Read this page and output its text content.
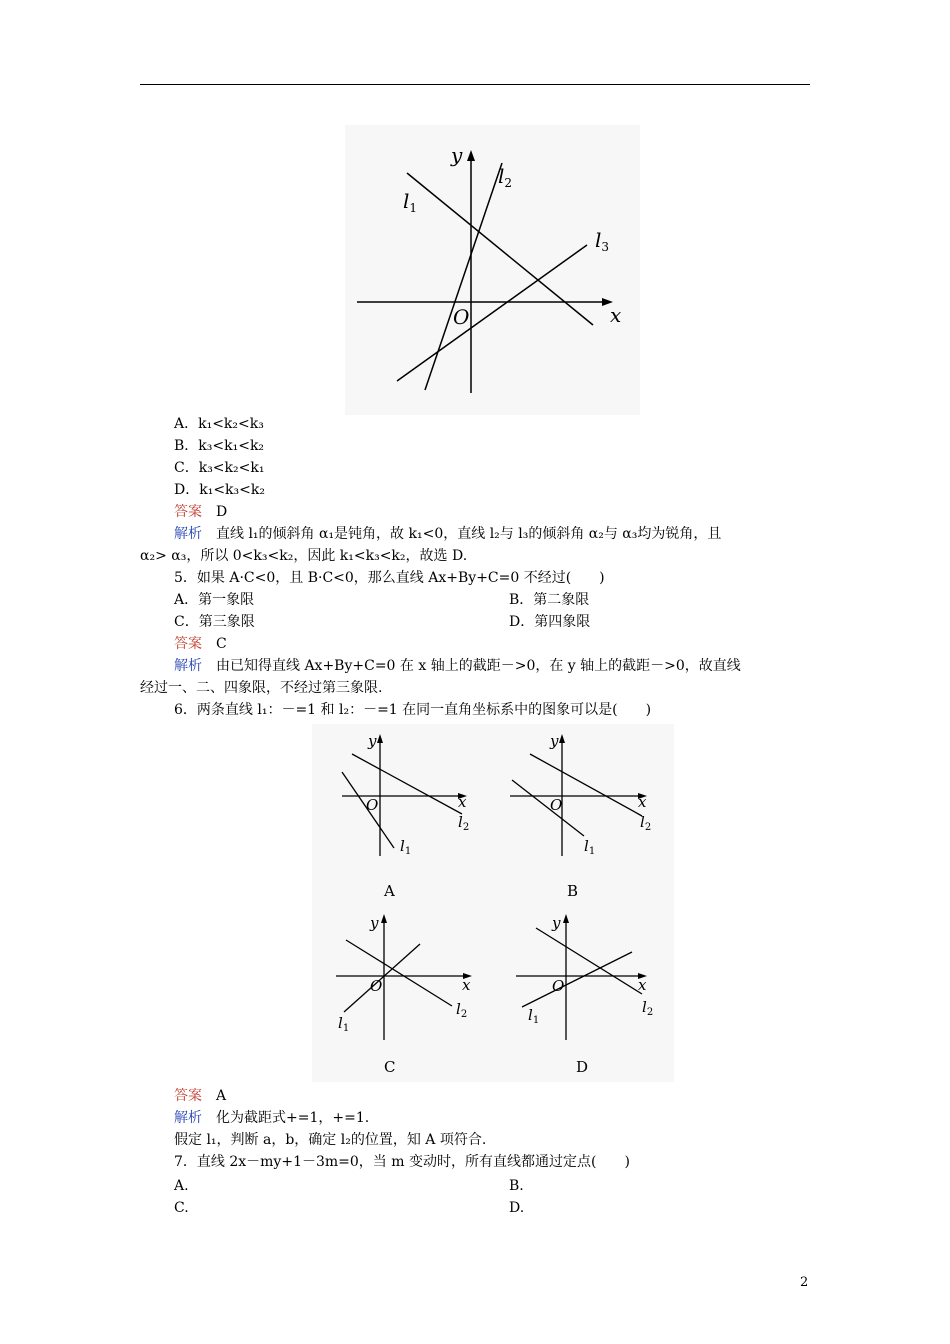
y
x
O
$l_1$
$l_2$
$l_3$
A．k₁<k₂<k₃
B．k₃<k₁<k₂
C．k₃<k₂<k₁
D．k₁<k₃<k₂
答案　 D
解析　 直线 l₁的倾斜角 α₁是钝角，故 k₁<0，直线 l₂与 l₃的倾斜角 α₂与 α₃均为锐角，且
α₂> α₃，所以 0<k₃<k₂，因此 k₁<k₃<k₂，故选 D.
5．如果 A·C<0，且 B·C<0，那么直线 Ax+By+C=0 不经过(　　)
A．第一象限	B．第二象限
C．第三象限	D．第四象限
答案　 C
解析　 由已知得直线 Ax+By+C=0 在 x 轴上的截距－>0，在 y 轴上的截距－>0，故直线
经过一、二、四象限，不经过第三象限.
6．两条直线 l₁：－=1 和 l₂：－=1 在同一直角坐标系中的图象可以是(　　)
y
x
O
$l_1$
$l_2$
A
y
x
O
$l_1$
$l_2$
B
y
x
O
$l_1$
$l_2$
C
y
x
O
$l_1$
$l_2$
D
答案　 A
解析　 化为截距式+=1，+=1.
假定 l₁，判断 a，b，确定 l₂的位置，知 A 项符合.
7．直线 2x－my+1－3m=0，当 m 变动时，所有直线都通过定点(　　)
A.	B.
C.	D.
2
